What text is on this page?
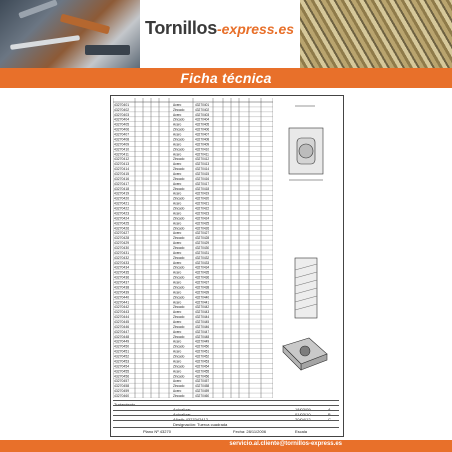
Tornillos-express.es
Ficha técnica
43270401	Acero	43270401
43270402	Zincado	43270402
43270403	Acero	43270403
43270404	Zincado	43270404
43270405	Acero	43270405
43270406	Zincado	43270406
43270407	Acero	43270407
43270408	Zincado	43270408
43270409	Acero	43270409
43270410	Zincado	43270410
43270411	Acero	43270411
43270412	Zincado	43270412
43270413	Acero	43270413
43270414	Zincado	43270414
43270415	Acero	43270415
43270416	Zincado	43270416
43270417	Acero	43270417
43270418	Zincado	43270418
43270419	Acero	43270419
43270420	Zincado	43270420
43270421	Acero	43270421
43270422	Zincado	43270422
43270423	Acero	43270423
43270424	Zincado	43270424
43270425	Acero	43270425
43270426	Zincado	43270426
43270427	Acero	43270427
43270428	Zincado	43270428
43270429	Acero	43270429
43270430	Zincado	43270430
43270431	Acero	43270431
43270432	Zincado	43270432
43270433	Acero	43270433
43270434	Zincado	43270434
43270435	Acero	43270435
43270436	Zincado	43270436
43270437	Acero	43270437
43270438	Zincado	43270438
43270439	Acero	43270439
43270440	Zincado	43270440
43270441	Acero	43270441
43270442	Zincado	43270442
43270443	Acero	43270443
43270444	Zincado	43270444
43270445	Acero	43270445
43270446	Zincado	43270446
43270447	Acero	43270447
43270448	Zincado	43270448
43270449	Acero	43270449
43270450	Zincado	43270450
43270451	Acero	43270451
43270452	Zincado	43270452
43270453	Acero	43270453
43270454	Zincado	43270454
43270455	Acero	43270455
43270456	Zincado	43270456
43270457	Acero	43270457
43270458	Zincado	43270458
43270459	Acero	43270459
43270460	Zincado	43270460
Tratamiento
Actualizar	18/03/09	A
Actualizar	01/03/10	B
Añadir 4327042412	20/04/12	C
Designación: Tuerca cuadrada
Plano Nº 43270	Fecha: 28/11/2006	Escala
servicio.al.cliente@tornillos-express.es
